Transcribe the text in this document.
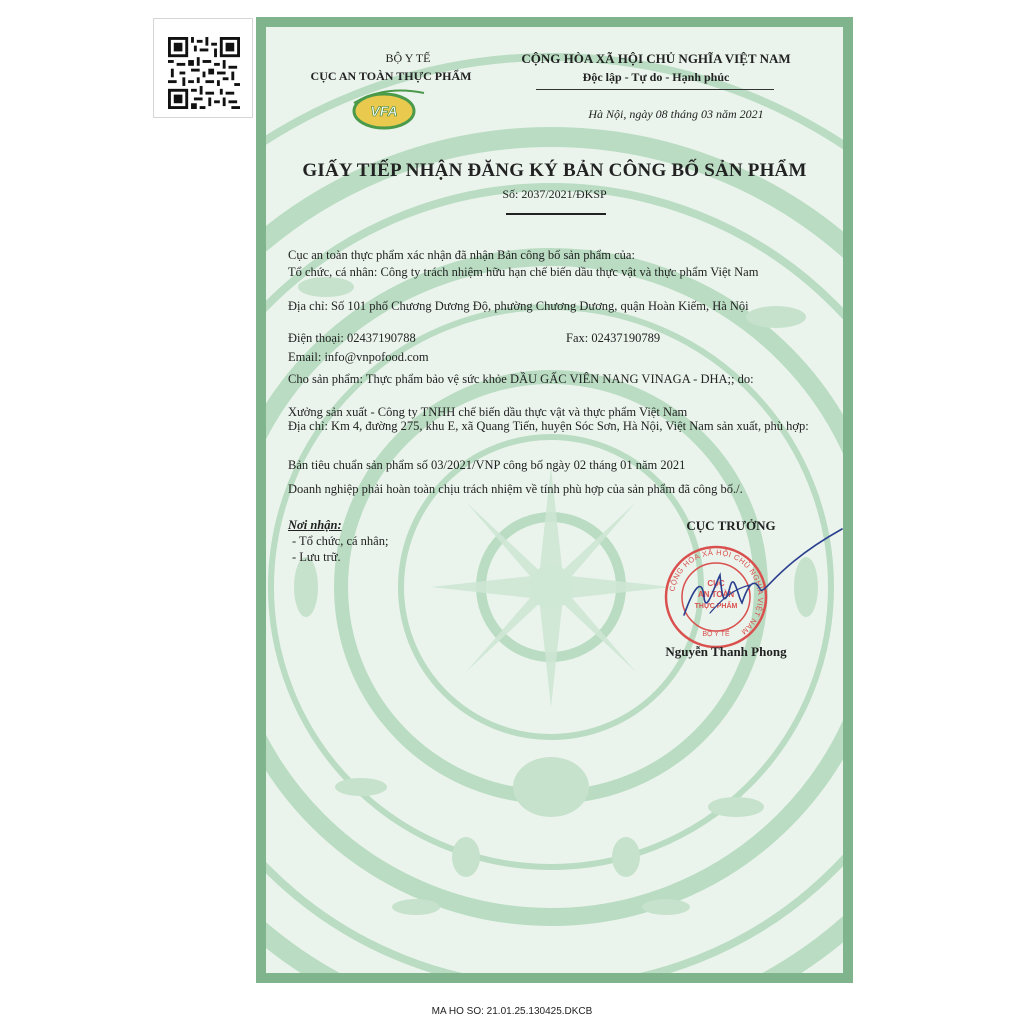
BỘ Y TẾ
CỤC AN TOÀN THỰC PHẨM
VFA
CỘNG HÒA XÃ HỘI CHỦ NGHĨA VIỆT NAM
Độc lập - Tự do - Hạnh phúc
Hà Nội, ngày 08 tháng 03 năm 2021
GIẤY TIẾP NHẬN ĐĂNG KÝ BẢN CÔNG BỐ SẢN PHẨM
Số: 2037/2021/ĐKSP
Cục an toàn thực phẩm xác nhận đã nhận Bản công bố sản phẩm của:
Tổ chức, cá nhân: Công ty trách nhiệm hữu hạn chế biến dầu thực vật và thực phẩm Việt Nam
Địa chỉ: Số 101 phố Chương Dương Độ, phường Chương Dương, quận Hoàn Kiếm, Hà Nội
Điện thoại: 02437190788	Fax: 02437190789
Email: info@vnpofood.com
Cho sản phẩm: Thực phẩm bảo vệ sức khỏe DẦU GẤC VIÊN NANG VINAGA - DHA;; do:
Xưởng sản xuất - Công ty TNHH chế biến dầu thực vật và thực phẩm Việt Nam
Địa chỉ: Km 4, đường 275, khu E, xã Quang Tiến, huyện Sóc Sơn, Hà Nội, Việt Nam sản xuất, phù hợp:
Bản tiêu chuẩn sản phẩm số 03/2021/VNP công bố ngày 02 tháng 01 năm 2021
Doanh nghiệp phải hoàn toàn chịu trách nhiệm về tính phù hợp của sản phẩm đã công bố./.
Nơi nhận:
- Tổ chức, cá nhân;
- Lưu trữ.
CỤC TRƯỞNG
CỘNG HÒA XÃ HỘI CHỦ NGHĨA VIỆT NAM
CỤC
AN TOÀN
THỰC PHẨM
BỘ Y TẾ
Nguyễn Thanh Phong
MA HO SO: 21.01.25.130425.DKCB
